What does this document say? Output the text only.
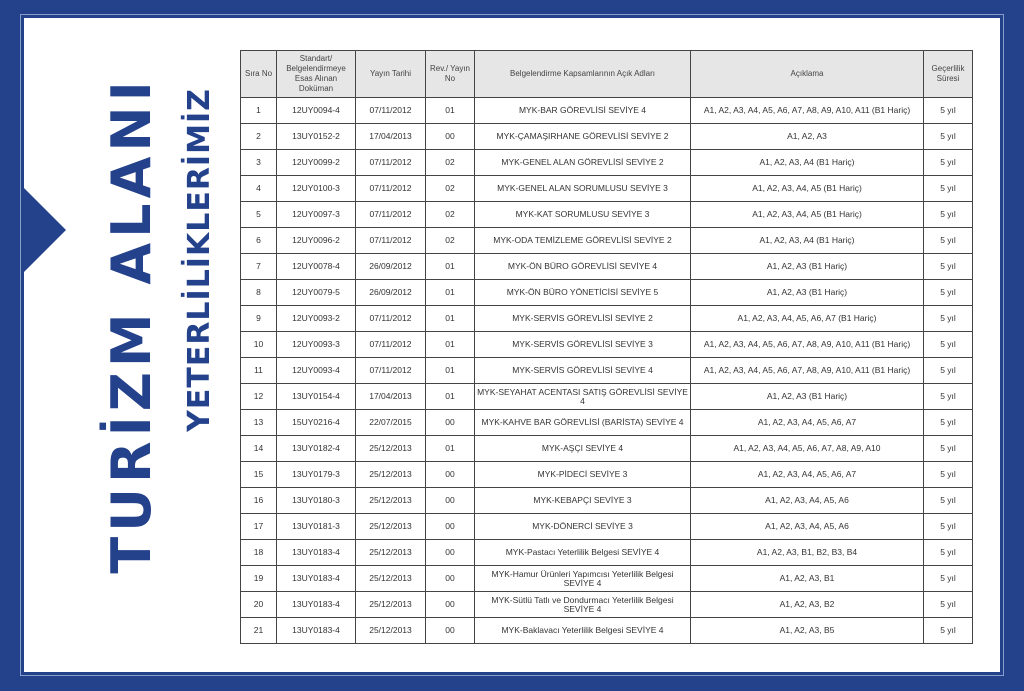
TURİZM ALANI YETERLİLİKLERİMİZ
Sıra No	Standart/ Belgelendirmeye Esas Alınan Doküman	Yayın Tarihi	Rev./ Yayın No	Belgelendirme Kapsamlarının Açık Adları	Açıklama	Geçerlilik Süresi
1	12UY0094-4	07/11/2012	01	MYK-BAR GÖREVLİSİ SEVİYE 4	A1, A2, A3, A4, A5, A6, A7, A8, A9, A10, A11 (B1 Hariç)	5 yıl
2	13UY0152-2	17/04/2013	00	MYK-ÇAMAŞIRHANE GÖREVLİSİ SEVİYE 2	A1, A2, A3	5 yıl
3	12UY0099-2	07/11/2012	02	MYK-GENEL ALAN GÖREVLİSİ SEVİYE 2	A1, A2, A3, A4 (B1 Hariç)	5 yıl
4	12UY0100-3	07/11/2012	02	MYK-GENEL ALAN SORUMLUSU SEVİYE 3	A1, A2, A3, A4, A5 (B1 Hariç)	5 yıl
5	12UY0097-3	07/11/2012	02	MYK-KAT SORUMLUSU SEVİYE 3	A1, A2, A3, A4, A5 (B1 Hariç)	5 yıl
6	12UY0096-2	07/11/2012	02	MYK-ODA TEMİZLEME GÖREVLİSİ SEVİYE 2	A1, A2, A3, A4 (B1 Hariç)	5 yıl
7	12UY0078-4	26/09/2012	01	MYK-ÖN BÜRO GÖREVLİSİ SEVİYE 4	A1, A2, A3 (B1 Hariç)	5 yıl
8	12UY0079-5	26/09/2012	01	MYK-ÖN BÜRO YÖNETİCİSİ SEVİYE 5	A1, A2, A3 (B1 Hariç)	5 yıl
9	12UY0093-2	07/11/2012	01	MYK-SERVİS GÖREVLİSİ SEVİYE 2	A1, A2, A3, A4, A5, A6, A7 (B1 Hariç)	5 yıl
10	12UY0093-3	07/11/2012	01	MYK-SERVİS GÖREVLİSİ SEVİYE 3	A1, A2, A3, A4, A5, A6, A7, A8, A9, A10, A11 (B1 Hariç)	5 yıl
11	12UY0093-4	07/11/2012	01	MYK-SERVİS GÖREVLİSİ SEVİYE 4	A1, A2, A3, A4, A5, A6, A7, A8, A9, A10, A11 (B1 Hariç)	5 yıl
12	13UY0154-4	17/04/2013	01	MYK-SEYAHAT ACENTASI SATIŞ GÖREVLİSİ SEVİYE 4	A1, A2, A3 (B1 Hariç)	5 yıl
13	15UY0216-4	22/07/2015	00	MYK-KAHVE BAR GÖREVLİSİ (BARİSTA) SEVİYE 4	A1, A2, A3, A4, A5, A6, A7	5 yıl
14	13UY0182-4	25/12/2013	01	MYK-AŞÇI SEVİYE 4	A1, A2, A3, A4, A5, A6, A7, A8, A9, A10	5 yıl
15	13UY0179-3	25/12/2013	00	MYK-PİDECİ SEVİYE 3	A1, A2, A3, A4, A5, A6, A7	5 yıl
16	13UY0180-3	25/12/2013	00	MYK-KEBAPÇI SEVİYE 3	A1, A2, A3, A4, A5, A6	5 yıl
17	13UY0181-3	25/12/2013	00	MYK-DÖNERCİ SEVİYE 3	A1, A2, A3, A4, A5, A6	5 yıl
18	13UY0183-4	25/12/2013	00	MYK-Pastacı Yeterlilik Belgesi SEVİYE 4	A1, A2, A3, B1, B2, B3, B4	5 yıl
19	13UY0183-4	25/12/2013	00	MYK-Hamur Ürünleri Yapımcısı Yeterlilik Belgesi SEVİYE 4	A1, A2, A3, B1	5 yıl
20	13UY0183-4	25/12/2013	00	MYK-Sütlü Tatlı ve Dondurmacı Yeterlilik Belgesi SEVİYE 4	A1, A2, A3, B2	5 yıl
21	13UY0183-4	25/12/2013	00	MYK-Baklavacı Yeterlilik Belgesi SEVİYE 4	A1, A2, A3, B5	5 yıl
